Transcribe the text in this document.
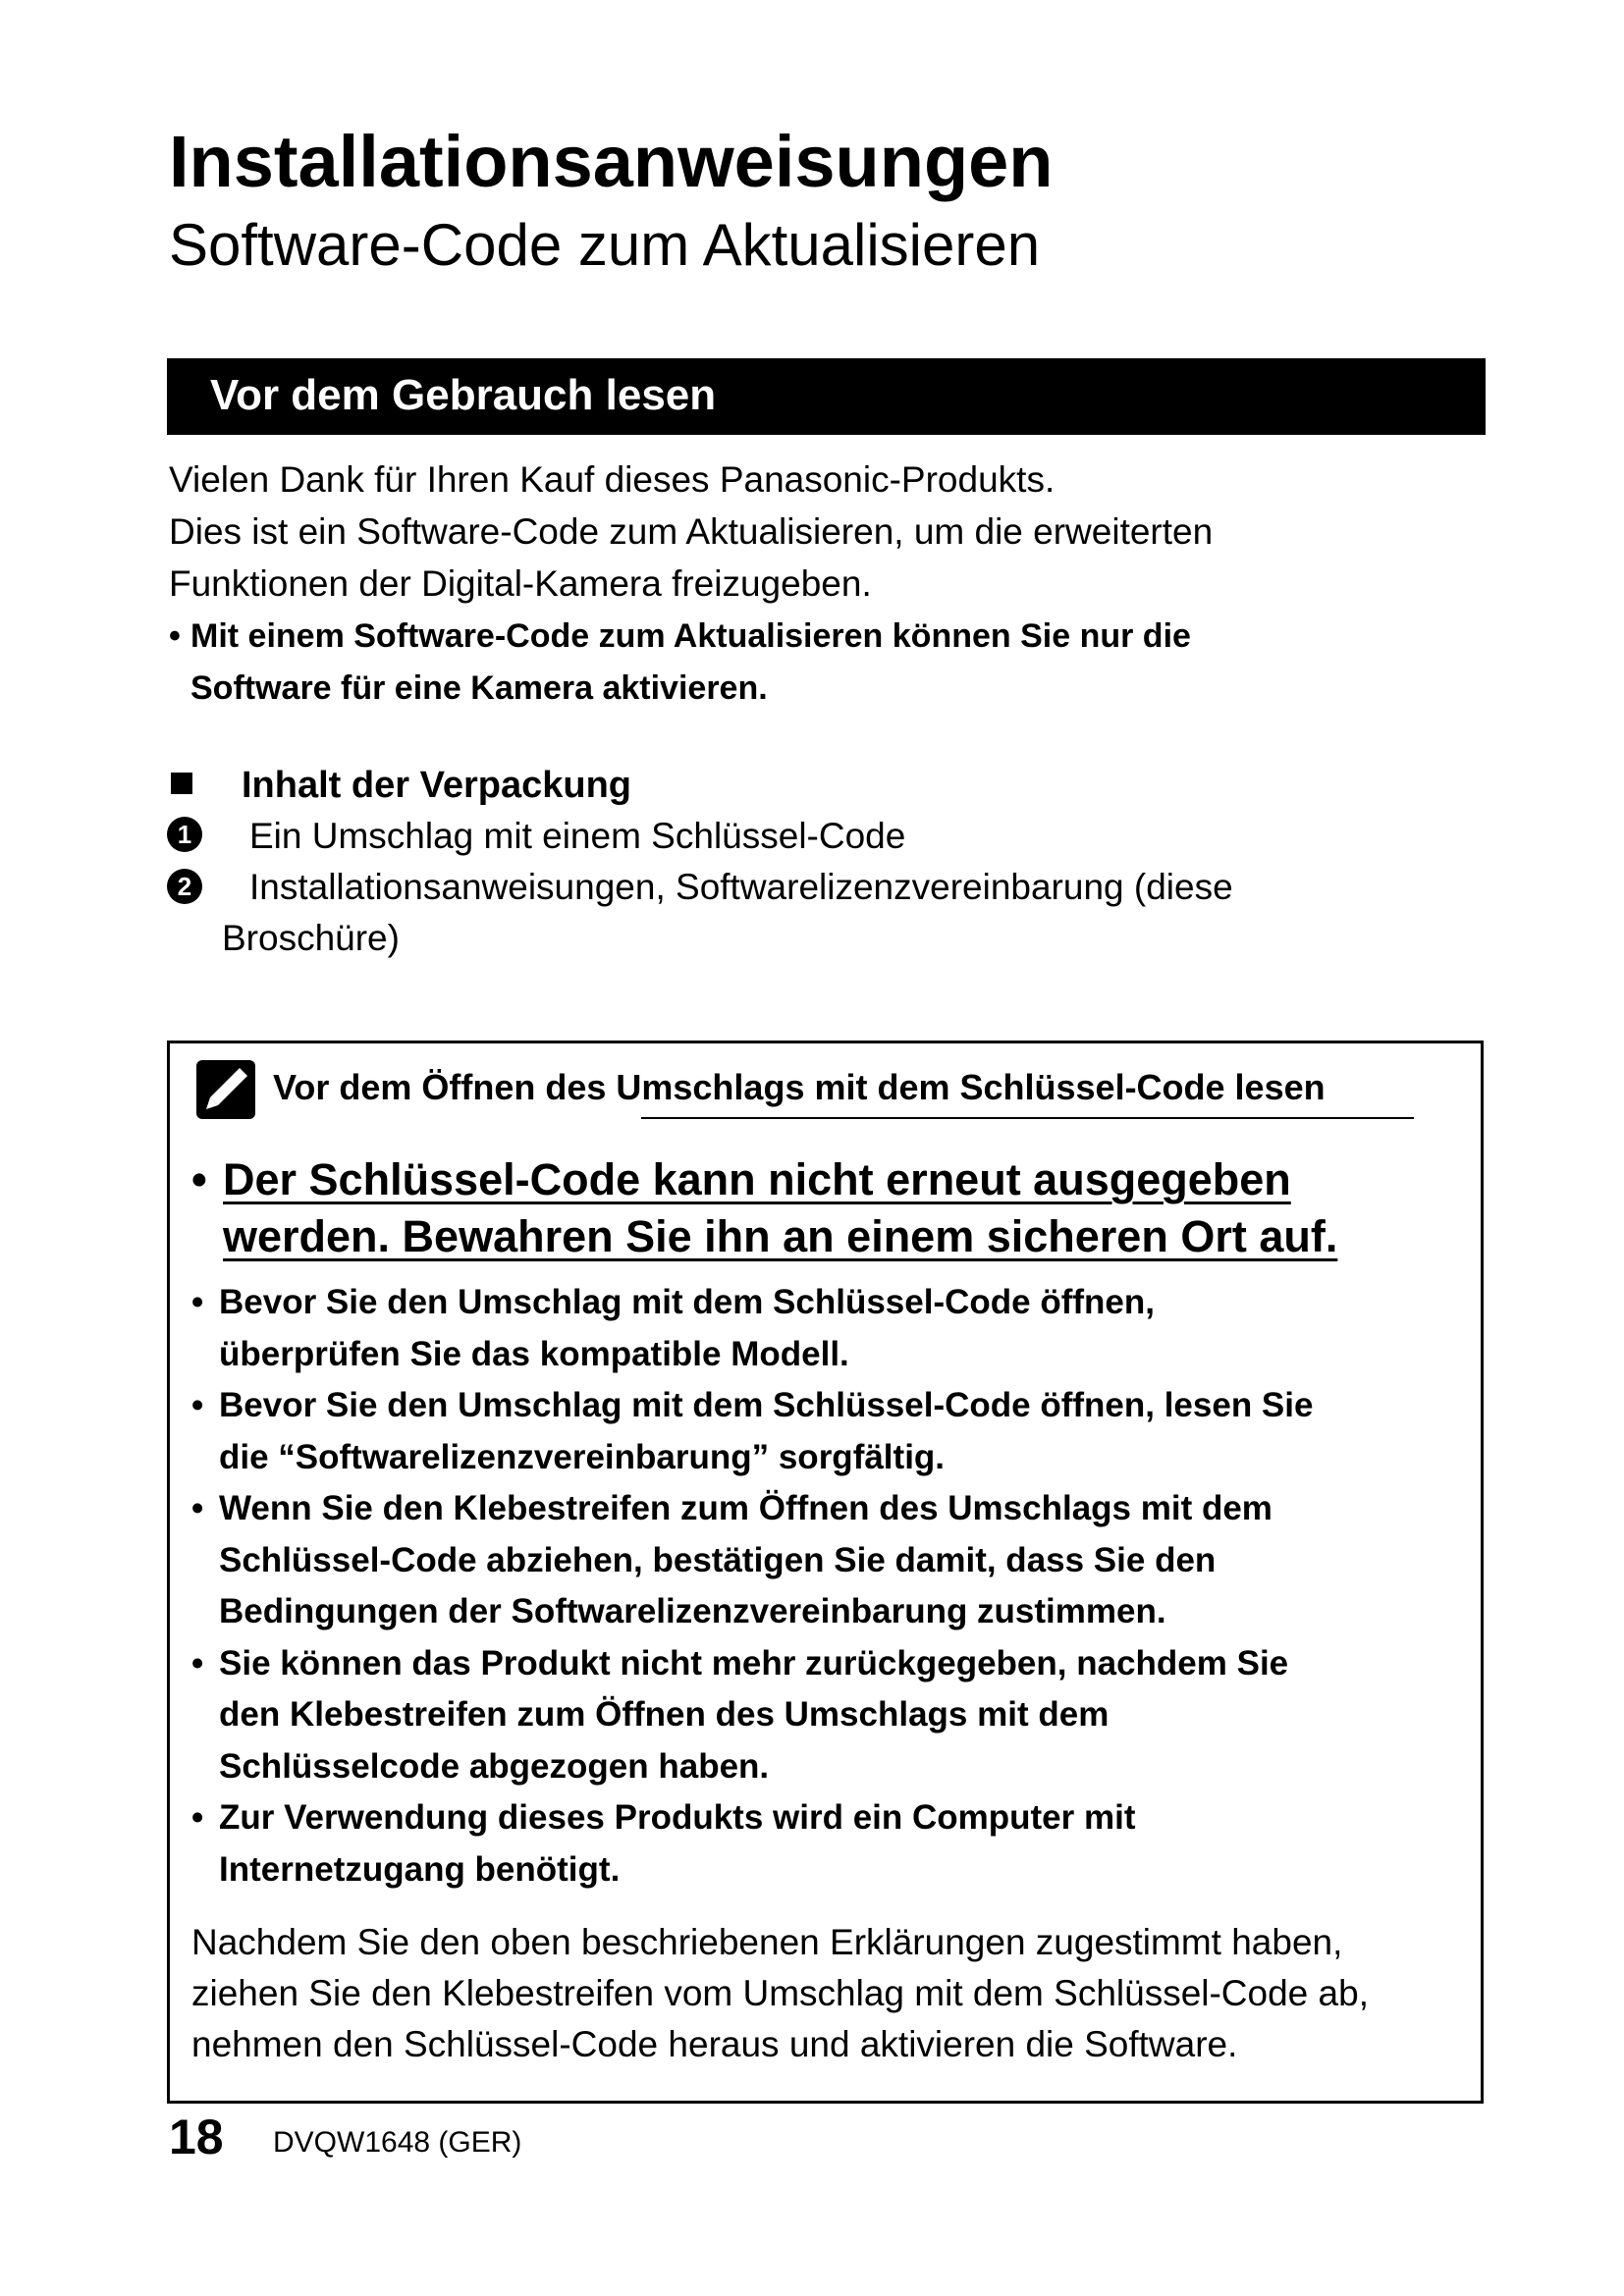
Installationsanweisungen
Software-Code zum Aktualisieren
Vor dem Gebrauch lesen
Vielen Dank für Ihren Kauf dieses Panasonic-Produkts.
Dies ist ein Software-Code zum Aktualisieren, um die erweiterten
Funktionen der Digital-Kamera freizugeben.
• Mit einem Software-Code zum Aktualisieren können Sie nur die
Software für eine Kamera aktivieren.
Inhalt der Verpackung
1 Ein Umschlag mit einem Schlüssel-Code
2 Installationsanweisungen, Softwarelizenzvereinbarung (diese
Broschüre)
Vor dem Öffnen des Umschlags mit dem Schlüssel-Code lesen
• Der Schlüssel-Code kann nicht erneut ausgegeben
werden. Bewahren Sie ihn an einem sicheren Ort auf.
• Bevor Sie den Umschlag mit dem Schlüssel-Code öffnen,
überprüfen Sie das kompatible Modell.
• Bevor Sie den Umschlag mit dem Schlüssel-Code öffnen, lesen Sie
die “Softwarelizenzvereinbarung” sorgfältig.
• Wenn Sie den Klebestreifen zum Öffnen des Umschlags mit dem
Schlüssel-Code abziehen, bestätigen Sie damit, dass Sie den
Bedingungen der Softwarelizenzvereinbarung zustimmen.
• Sie können das Produkt nicht mehr zurückgegeben, nachdem Sie
den Klebestreifen zum Öffnen des Umschlags mit dem
Schlüsselcode abgezogen haben.
• Zur Verwendung dieses Produkts wird ein Computer mit
Internetzugang benötigt.
Nachdem Sie den oben beschriebenen Erklärungen zugestimmt haben,
ziehen Sie den Klebestreifen vom Umschlag mit dem Schlüssel-Code ab,
nehmen den Schlüssel-Code heraus und aktivieren die Software.
18 DVQW1648 (GER)
